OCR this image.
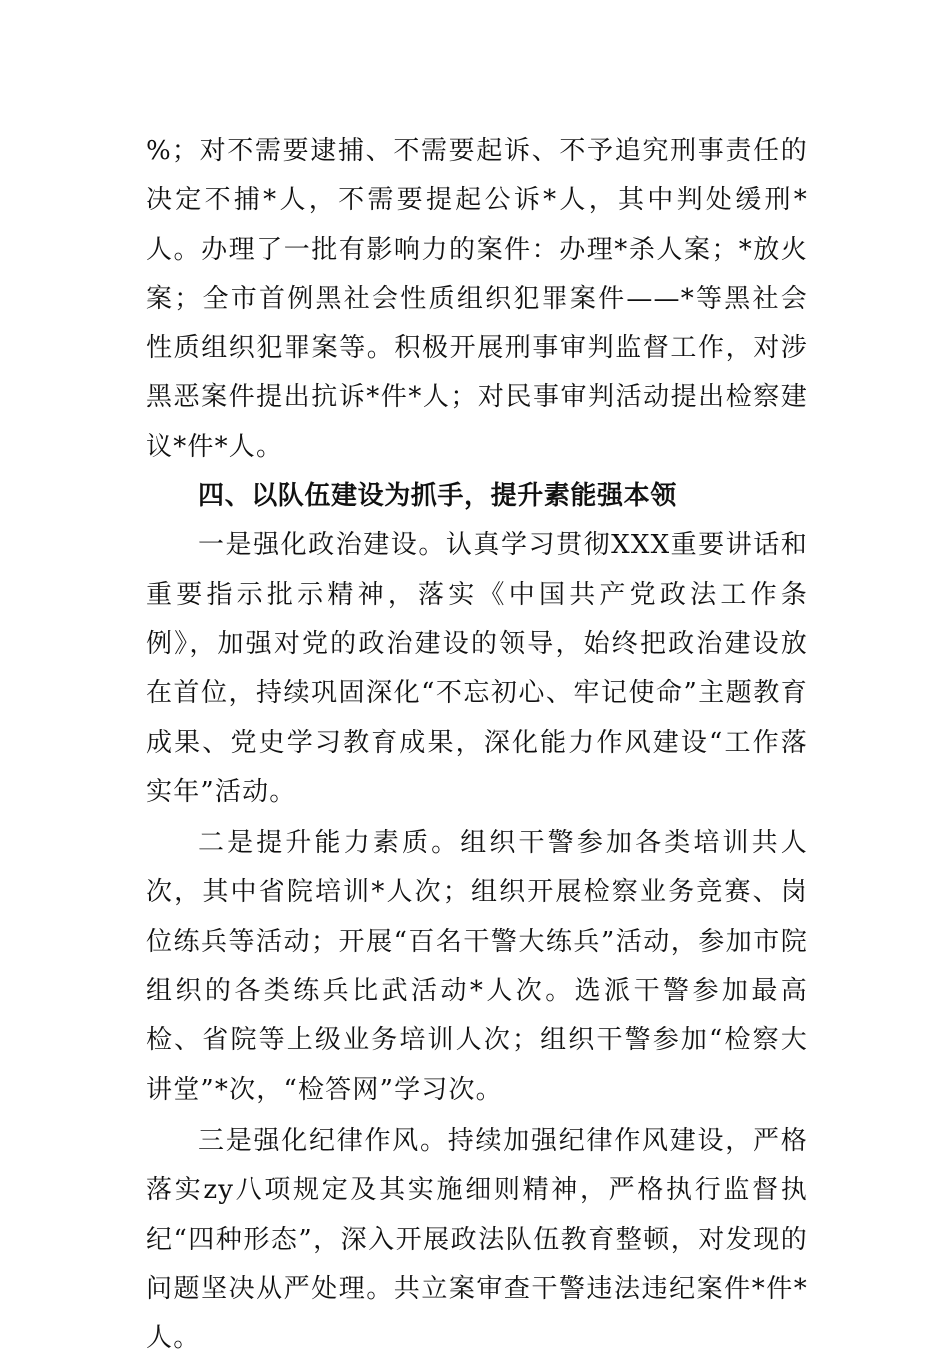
%；对不需要逮捕、不需要起诉、不予追究刑事责任的决定不捕*人，不需要提起公诉*人，其中判处缓刑*人。办理了一批有影响力的案件：办理*杀人案；*放火案；全市首例黑社会性质组织犯罪案件——*等黑社会性质组织犯罪案等。积极开展刑事审判监督工作，对涉黑恶案件提出抗诉*件*人；对民事审判活动提出检察建议*件*人。

四、以队伍建设为抓手，提升素能强本领

一是强化政治建设。认真学习贯彻XXX重要讲话和重要指示批示精神，落实《中国共产党政法工作条例》，加强对党的政治建设的领导，始终把政治建设放在首位，持续巩固深化“不忘初心、牢记使命”主题教育成果、党史学习教育成果，深化能力作风建设“工作落实年”活动。

二是提升能力素质。组织干警参加各类培训共人次，其中省院培训*人次；组织开展检察业务竞赛、岗位练兵等活动；开展“百名干警大练兵”活动，参加市院组织的各类练兵比武活动*人次。选派干警参加最高检、省院等上级业务培训人次；组织干警参加“检察大讲堂”*次，“检答网”学习次。

三是强化纪律作风。持续加强纪律作风建设，严格落实zy八项规定及其实施细则精神，严格执行监督执纪“四种形态”，深入开展政法队伍教育整顿，对发现的问题坚决从严处理。共立案审查干警违法违纪案件*件*人。
